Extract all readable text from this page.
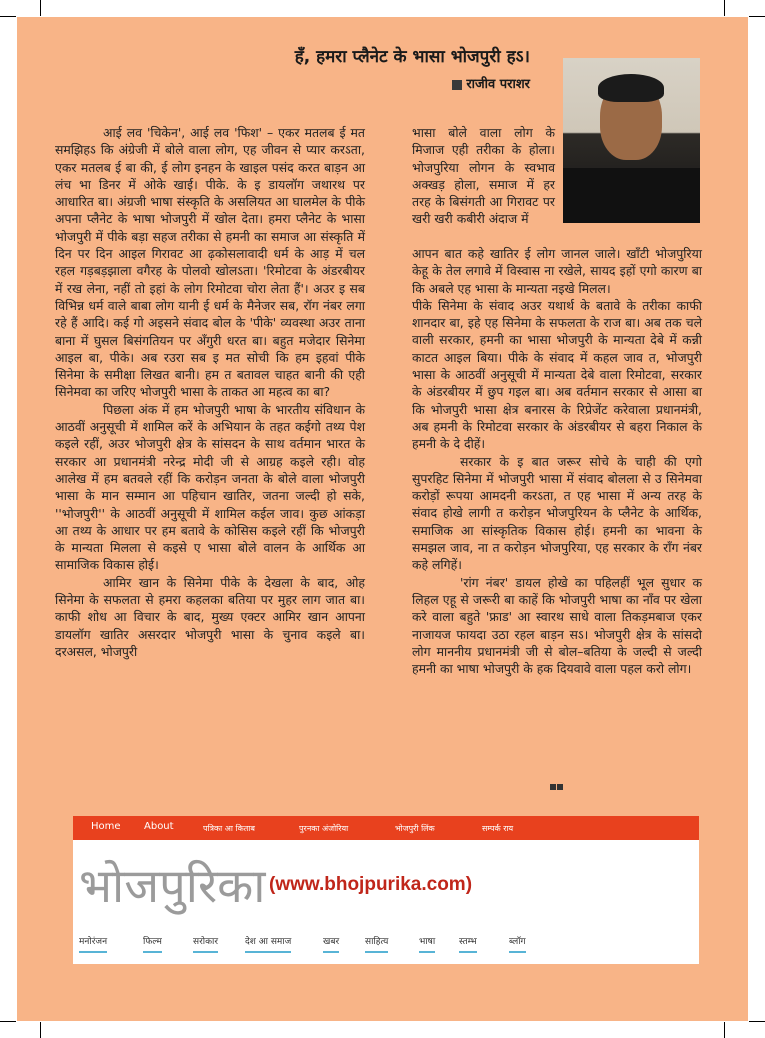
हँ, हमरा प्लैनेट के भासा भोजपुरी हऽ।
राजीव पराशर

आई लव 'चिकेन', आई लव 'फिश' – एकर मतलब ई मत समझिहऽ कि अंग्रेजी में बोले वाला लोग, एह जीवन से प्यार करऽता, एकर मतलब ई बा की, ई लोग इनहन के खाइल पसंद करत बाड़न आ लंच भा डिनर में ओके खाई। पीके. के इ डायलॉग जथारथ पर आधारित बा। अंग्रजी भाषा संस्कृति के असलियत आ घालमेल के पीके अपना प्लैनेट के भाषा भोजपुरी में खोल देता। हमरा प्लैनेट के भासा भोजपुरी में पीके बड़ा सहज तरीका से हमनी का समाज आ संस्कृति में दिन पर दिन आइल गिरावट आ ढ़कोसलावादी धर्म के आड़ में चल रहल गड़बड़झाला वगैरह के पोलवो खोलऽता। 'रिमोटवा के अंडरबीयर में रख लेना, नहीं तो इहां के लोग रिमोटवा चोरा लेता हैं'। अउर इ सब विभिन्न धर्म वाले बाबा लोग यानी ई धर्म के मैनेजर सब, रॉग नंबर लगा रहे हैं आदि। कई गो अइसने संवाद बोल के 'पीके' व्यवस्था अउर ताना बाना में घुसल बिसंगतियन पर अँगुरी धरत बा। बहुत मजेदार सिनेमा आइल बा, पीके। अब रउरा सब इ मत सोची कि हम इहवां पीके सिनेमा के समीक्षा लिखत बानी। हम त बतावल चाहत बानी की एही सिनेमवा का जरिए भोजपुरी भासा के ताकत आ महत्व का बा?

पिछला अंक में हम भोजपुरी भाषा के भारतीय संविधान के आठवीं अनुसूची में शामिल करें के अभियान के तहत कईगो तथ्य पेश कइले रहीं, अउर भोजपुरी क्षेत्र के सांसदन के साथ वर्तमान भारत के सरकार आ प्रधानमंत्री नरेन्द्र मोदी जी से आग्रह कइले रही। वोह आलेख में हम बतवले रहीं कि करोड़न जनता के बोले वाला भोजपुरी भासा के मान सम्मान आ पहिचान खातिर, जतना जल्दी हो सके, ''भोजपुरी'' के आठवीं अनुसूची में शामिल कईल जाव। कुछ आंकड़ा आ तथ्य के आधार पर हम बतावे के कोसिस कइले रहीं कि भोजपुरी के मान्यता मिलला से कइसे ए भासा बोले वालन के आर्थिक आ सामाजिक विकास होई।

आमिर खान के सिनेमा पीके के देखला के बाद, ओह सिनेमा के सफलता से हमरा कहलका बतिया पर मुहर लाग जात बा। काफी शोध आ विचार के बाद, मुख्य एक्टर आमिर खान आपना डायलॉग खातिर असरदार भोजपुरी भासा के चुनाव कइले बा। दरअसल, भोजपुरी

भासा बोले वाला लोग के मिजाज एही तरीका के होला। भोजपुरिया लोगन के स्वभाव अक्खड़ होला, समाज में हर तरह के बिसंगती आ गिरावट पर खरी खरी कबीरी अंदाज में

आपन बात कहे खातिर ई लोग जानल जाले। खाँटी भोजपुरिया केहू के तेल लगावे में विस्वास ना रखेले, सायद इहों एगो कारण बा कि अबले एह भासा के मान्यता नइखे मिलल।

पीके सिनेमा के संवाद अउर यथार्थ के बतावे के तरीका काफी शानदार बा, इहे एह सिनेमा के सफलता के राज बा। अब तक चले वाली सरकार, हमनी का भासा भोजपुरी के मान्यता देबे में कन्नी काटत आइल बिया। पीके के संवाद में कहल जाव त, भोजपुरी भासा के आठवीं अनुसूची में मान्यता देबे वाला रिमोटवा, सरकार के अंडरबीयर में छुप गइल बा। अब वर्तमान सरकार से आसा बा कि भोजपुरी भासा क्षेत्र बनारस के रिप्रेजेंट करेवाला प्रधानमंत्री, अब हमनी के रिमोटवा सरकार के अंडरबीयर से बहरा निकाल के हमनी के दे दीहें।

सरकार के इ बात जरूर सोचे के चाही की एगो सुपरहिट सिनेमा में भोजपुरी भासा में संवाद बोलला से उ सिनेमवा करोड़ों रूपया आमदनी करऽता, त एह भासा में अन्य तरह के संवाद होखे लागी त करोड़न भोजपुरियन के प्लैनेट के आर्थिक, समाजिक आ सांस्कृतिक विकास होई। हमनी का भावना के समझल जाव, ना त करोड़न भोजपुरिया, एह सरकार के रॉंग नंबर कहे लगिहें।

'रांग नंबर' डायल होखे का पहिलहीं भूल सुधार क लिहल एहू से जरूरी बा काहें कि भोजपुरी भाषा का नाँव पर खेला करे वाला बहुते 'फ्राड' आ स्वारथ साधे वाला तिकड़मबाज एकर नाजायज फायदा उठा रहल बाड़न सऽ। भोजपुरी क्षेत्र के सांसदो लोग माननीय प्रधानमंत्री जी से बोल–बतिया के जल्दी से जल्दी हमनी का भाषा भोजपुरी के हक दियवावे वाला पहल करो लोग।

Home About	पत्रिका आ किताब	पुरनका अंजोरिया	भोजपुरी लिंक	सम्पर्क राय
भोजपुरिका (www.bhojpurika.com)
मनोरंजन	फिल्म	सरोकार	देश आ समाज	खबर	साहित्य	भाषा	स्तम्भ	ब्लॉग
